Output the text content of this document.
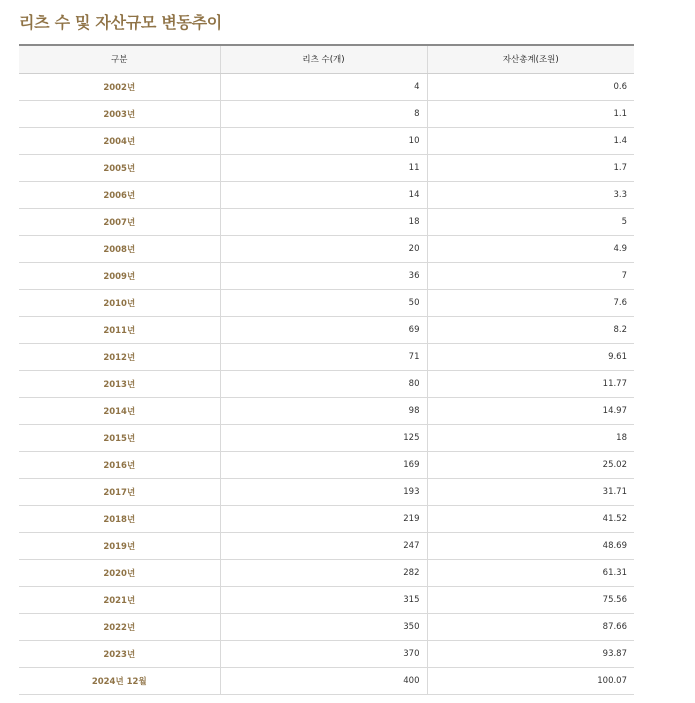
리츠 수 및 자산규모 변동추이
구분	리츠 수(개)	자산총계(조원)
2002년	4	0.6
2003년	8	1.1
2004년	10	1.4
2005년	11	1.7
2006년	14	3.3
2007년	18	5
2008년	20	4.9
2009년	36	7
2010년	50	7.6
2011년	69	8.2
2012년	71	9.61
2013년	80	11.77
2014년	98	14.97
2015년	125	18
2016년	169	25.02
2017년	193	31.71
2018년	219	41.52
2019년	247	48.69
2020년	282	61.31
2021년	315	75.56
2022년	350	87.66
2023년	370	93.87
2024년 12월	400	100.07
